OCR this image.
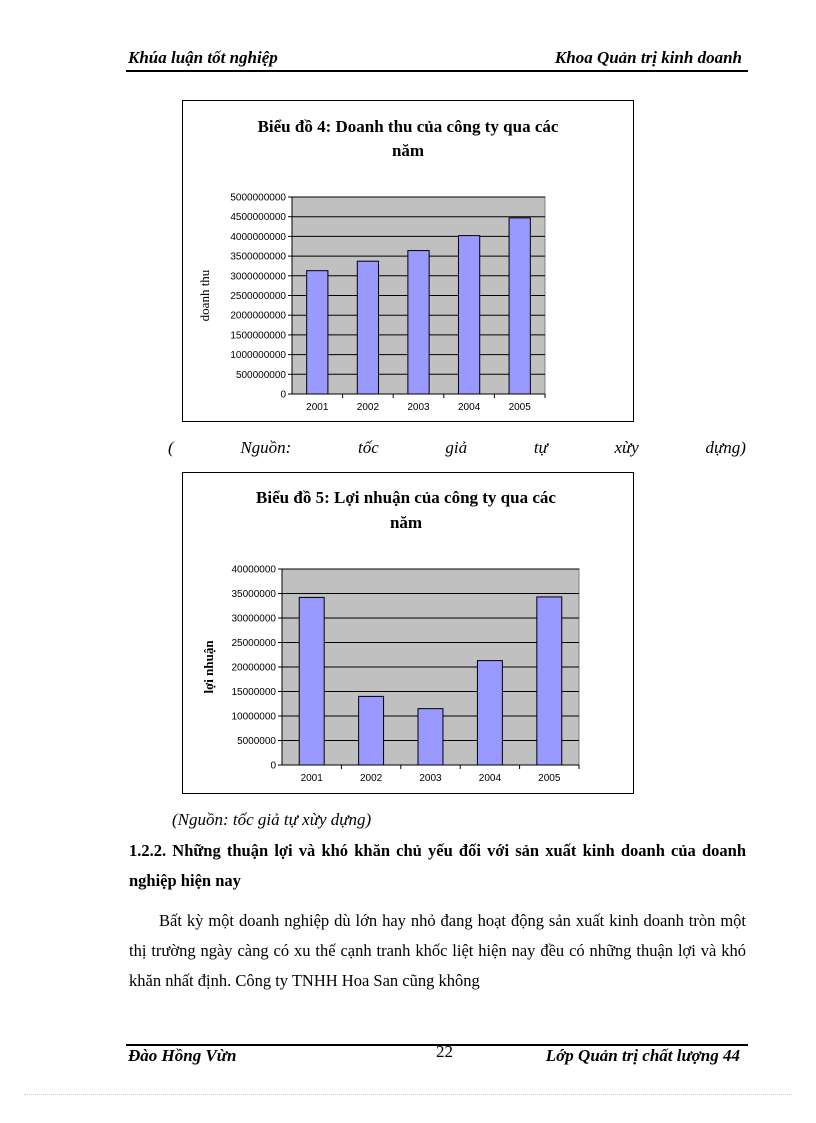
Khúa luận tốt nghiệp	Khoa Quản trị kinh doanh
Biểu đồ 4: Doanh thu của công ty qua các
năm
0
500000000
1000000000
1500000000
2000000000
2500000000
3000000000
3500000000
4000000000
4500000000
5000000000
2001	2002	2003	2004	2005
doanh thu
(	Nguồn:	tốc	giả	tự	xừy	dựng)
Biểu đồ 5: Lợi nhuận của công ty qua các
năm
0
5000000
10000000
15000000
20000000
25000000
30000000
35000000
40000000
2001	2002	2003	2004	2005
lợi nhuận
(Nguồn: tốc giả tự xừy dựng)
1.2.2. Những thuận lợi và khó khăn chủ yếu đối với sản xuất kinh doanh của doanh nghiệp hiện nay
Bất kỳ một doanh nghiệp dù lớn hay nhỏ đang hoạt động sản xuất kinh doanh tròn một thị trường ngày càng có xu thế cạnh tranh khốc liệt hiện nay đều có những thuận lợi và khó khăn nhất định. Công ty TNHH Hoa San cũng không
Đào Hồng Vừn	22	Lớp Quản trị chất lượng 44
